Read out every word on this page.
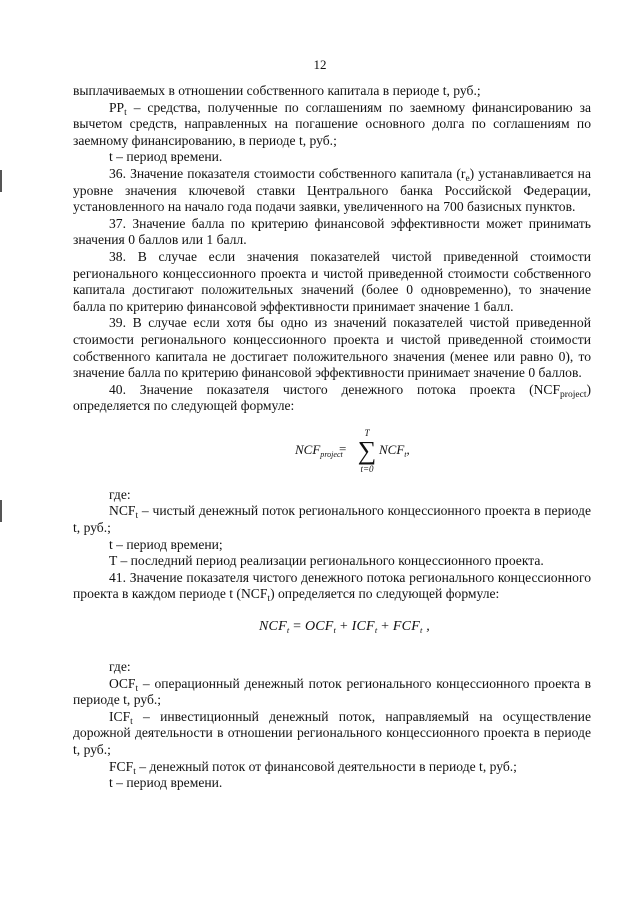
12

выплачиваемых в отношении собственного капитала в периоде t, руб.;

$PP_t$ – средства, полученные по соглашениям по заемному финансированию за вычетом средств, направленных на погашение основного долга по соглашениям по заемному финансированию, в периоде t, руб.;

t – период времени.

36. Значение показателя стоимости собственного капитала $(r_e)$ устанавливается на уровне значения ключевой ставки Центрального банка Российской Федерации, установленного на начало года подачи заявки, увеличенного на 700 базисных пунктов.

37. Значение балла по критерию финансовой эффективности может принимать значения 0 баллов или 1 балл.

38. В случае если значения показателей чистой приведенной стоимости регионального концессионного проекта и чистой приведенной стоимости собственного капитала достигают положительных значений (более 0 одновременно), то значение балла по критерию финансовой эффективности принимает значение 1 балл.

39. В случае если хотя бы одно из значений показателей чистой приведенной стоимости регионального концессионного проекта и чистой приведенной стоимости собственного капитала не достигает положительного значения (менее или равно 0), то значение балла по критерию финансовой эффективности принимает значение 0 баллов.

40. Значение показателя чистого денежного потока проекта $(NCF_{project})$ определяется по следующей формуле:

$NCF_{project}$
=
T
∑
t=0
$NCF_t$,

где:

$NCF_t$ – чистый денежный поток регионального концессионного проекта в периоде t, руб.;

t – период времени;

T – последний период реализации регионального концессионного проекта.

41. Значение показателя чистого денежного потока регионального концессионного проекта в каждом периоде t $(NCF_t)$ определяется по следующей формуле:

$NCF_t = OCF_t + ICF_t + FCF_t$ ,

где:

$OCF_t$ – операционный денежный поток регионального концессионного проекта в периоде t, руб.;

$ICF_t$ – инвестиционный денежный поток, направляемый на осуществление дорожной деятельности в отношении регионального концессионного проекта в периоде t, руб.;

$FCF_t$ – денежный поток от финансовой деятельности в периоде t, руб.;

t – период времени.
